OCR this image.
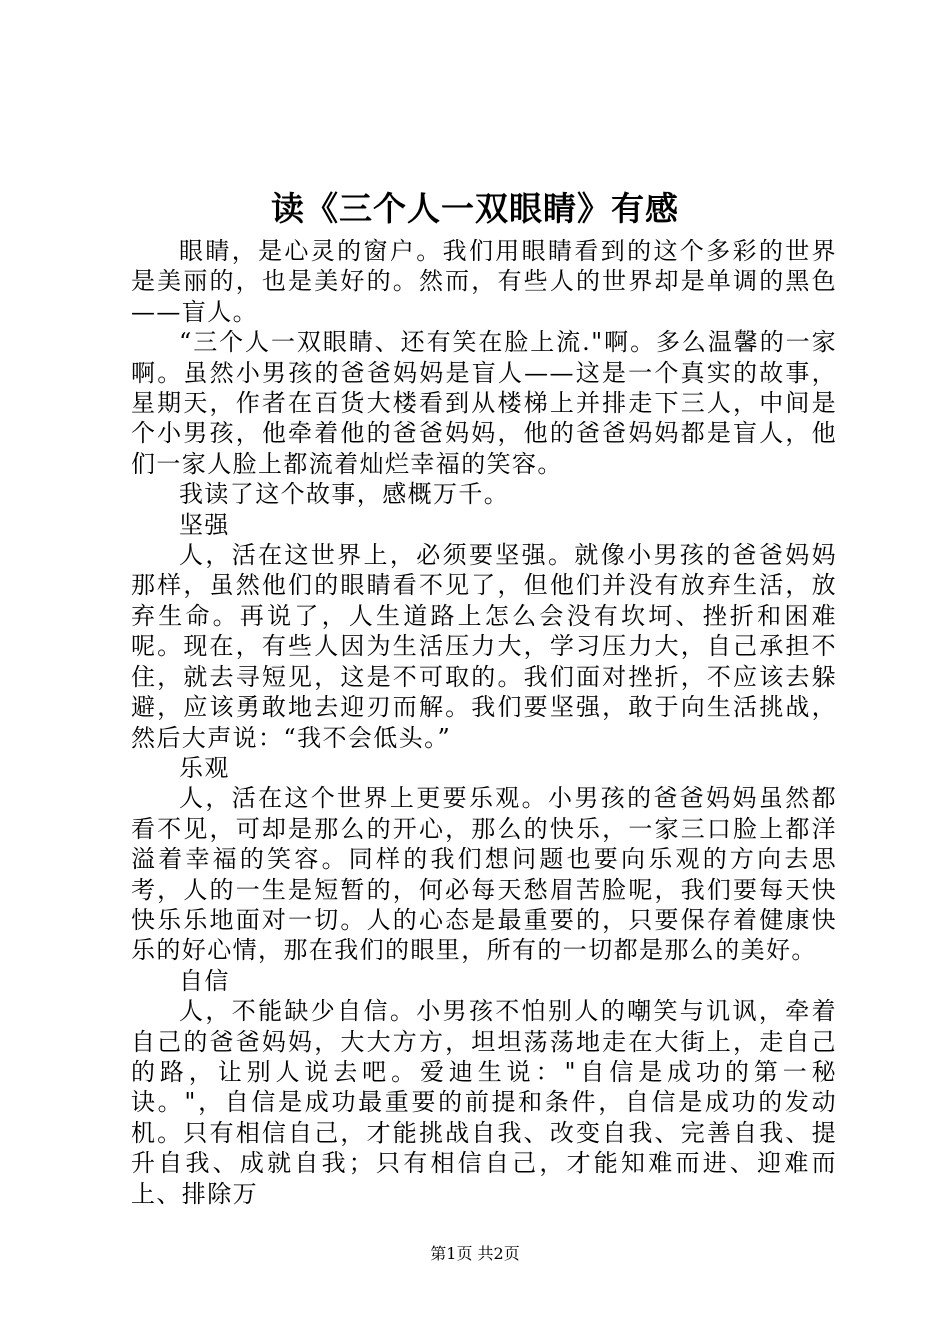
读《三个人一双眼睛》有感

眼睛，是心灵的窗户。我们用眼睛看到的这个多彩的世界是美丽的，也是美好的。然而，有些人的世界却是单调的黑色——盲人。

“三个人一双眼睛、还有笑在脸上流."啊。多么温馨的一家啊。虽然小男孩的爸爸妈妈是盲人——这是一个真实的故事，星期天，作者在百货大楼看到从楼梯上并排走下三人，中间是个小男孩，他牵着他的爸爸妈妈，他的爸爸妈妈都是盲人，他们一家人脸上都流着灿烂幸福的笑容。

我读了这个故事，感概万千。

坚强

人，活在这世界上，必须要坚强。就像小男孩的爸爸妈妈那样，虽然他们的眼睛看不见了，但他们并没有放弃生活，放弃生命。再说了，人生道路上怎么会没有坎坷、挫折和困难呢。现在，有些人因为生活压力大，学习压力大，自己承担不住，就去寻短见，这是不可取的。我们面对挫折，不应该去躲避，应该勇敢地去迎刃而解。我们要坚强，敢于向生活挑战，然后大声说：“我不会低头。”

乐观

人，活在这个世界上更要乐观。小男孩的爸爸妈妈虽然都看不见，可却是那么的开心，那么的快乐，一家三口脸上都洋溢着幸福的笑容。同样的我们想问题也要向乐观的方向去思考，人的一生是短暂的，何必每天愁眉苦脸呢，我们要每天快快乐乐地面对一切。人的心态是最重要的，只要保存着健康快乐的好心情，那在我们的眼里，所有的一切都是那么的美好。

自信

人，不能缺少自信。小男孩不怕别人的嘲笑与讥讽，牵着自己的爸爸妈妈，大大方方，坦坦荡荡地走在大街上，走自己的路，让别人说去吧。爱迪生说："自信是成功的第一秘诀。"，自信是成功最重要的前提和条件，自信是成功的发动机。只有相信自己，才能挑战自我、改变自我、完善自我、提升自我、成就自我；只有相信自己，才能知难而进、迎难而上、排除万

第1页 共2页
